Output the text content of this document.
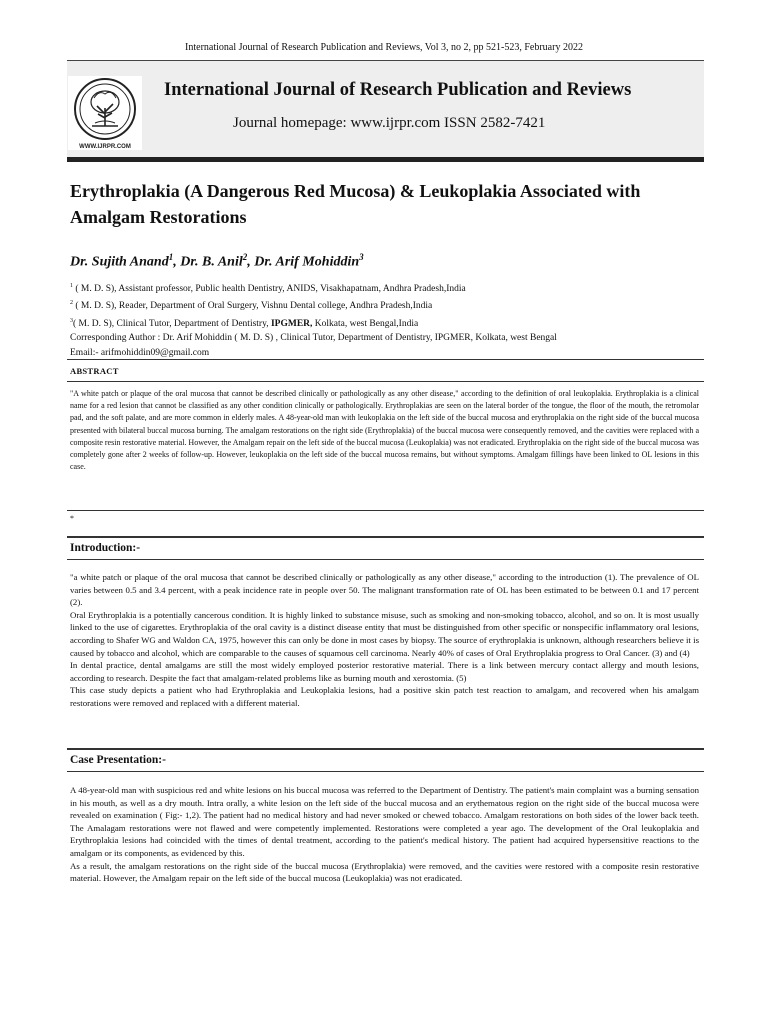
International Journal of Research Publication and Reviews, Vol 3, no 2, pp 521-523, February 2022
WWW.IJRPR.COM
International Journal of Research Publication and Reviews
Journal homepage: www.ijrpr.com ISSN 2582-7421
Erythroplakia (A Dangerous Red Mucosa) & Leukoplakia Associated with Amalgam Restorations
Dr. Sujith Anand$^1$, Dr. B. Anil$^2$, Dr. Arif Mohiddin$^3$
$^1$ ( M. D. S), Assistant professor, Public health Dentistry, ANIDS, Visakhapatnam, Andhra Pradesh,India
$^2$ ( M. D. S), Reader, Department of Oral Surgery, Vishnu Dental college, Andhra Pradesh,India
$^3$( M. D. S), Clinical Tutor, Department of Dentistry, IPGMER, Kolkata, west Bengal,India
Corresponding Author : Dr. Arif Mohiddin ( M. D. S) , Clinical Tutor, Department of Dentistry, IPGMER, Kolkata, west Bengal
Email:- arifmohiddin09@gmail.com
ABSTRACT
"A white patch or plaque of the oral mucosa that cannot be described clinically or pathologically as any other disease," according to the definition of oral leukoplakia. Erythroplakia is a clinical name for a red lesion that cannot be classified as any other condition clinically or pathologically. Erythroplakias are seen on the lateral border of the tongue, the floor of the mouth, the retromolar pad, and the soft palate, and are more common in elderly males. A 48-year-old man with leukoplakia on the left side of the buccal mucosa and erythroplakia on the right side of the buccal mucosa presented with bilateral buccal mucosa burning. The amalgam restorations on the right side (Erythroplakia) of the buccal mucosa were consequently removed, and the cavities were replaced with a composite resin restorative material. However, the Amalgam repair on the left side of the buccal mucosa (Leukoplakia) was not eradicated. Erythroplakia on the right side of the buccal mucosa was completely gone after 2 weeks of follow-up. However, leukoplakia on the left side of the buccal mucosa remains, but without symptoms. Amalgam fillings have been linked to OL lesions in this case.
*
Introduction:-

"a white patch or plaque of the oral mucosa that cannot be described clinically or pathologically as any other disease," according to the introduction (1). The prevalence of OL varies between 0.5 and 3.4 percent, with a peak incidence rate in people over 50. The malignant transformation rate of OL has been estimated to be between 0.1 and 17 percent (2).

Oral Erythroplakia is a potentially cancerous condition. It is highly linked to substance misuse, such as smoking and non-smoking tobacco, alcohol, and so on. It is most usually linked to the use of cigarettes. Erythroplakia of the oral cavity is a distinct disease entity that must be distinguished from other specific or nonspecific inflammatory oral lesions, according to Shafer WG and Waldon CA, 1975, however this can only be done in most cases by biopsy. The source of erythroplakia is unknown, although researchers believe it is caused by tobacco and alcohol, which are comparable to the causes of squamous cell carcinoma. Nearly 40% of cases of Oral Erythroplakia progress to Oral Cancer. (3) and (4)

In dental practice, dental amalgams are still the most widely employed posterior restorative material. There is a link between mercury contact allergy and mouth lesions, according to research. Despite the fact that amalgam-related problems like as burning mouth and xerostomia. (5)

This case study depicts a patient who had Erythroplakia and Leukoplakia lesions, had a positive skin patch test reaction to amalgam, and recovered when his amalgam restorations were removed and replaced with a different material.

Case Presentation:-

A 48-year-old man with suspicious red and white lesions on his buccal mucosa was referred to the Department of Dentistry. The patient's main complaint was a burning sensation in his mouth, as well as a dry mouth. Intra orally, a white lesion on the left side of the buccal mucosa and an erythematous region on the right side of the buccal mucosa were revealed on examination ( Fig:- 1,2). The patient had no medical history and had never smoked or chewed tobacco. Amalgam restorations on both sides of the lower back teeth. The Amalagam restorations were not flawed and were competently implemented. Restorations were completed a year ago. The development of the Oral leukoplakia and Erythroplakia lesions had coincided with the times of dental treatment, according to the patient's medical history. The patient had acquired hypersensitive reactions to the amalgam or its components, as evidenced by this.

As a result, the amalgam restorations on the right side of the buccal mucosa (Erythroplakia) were removed, and the cavities were restored with a composite resin restorative material. However, the Amalgam repair on the left side of the buccal mucosa (Leukoplakia) was not eradicated.
